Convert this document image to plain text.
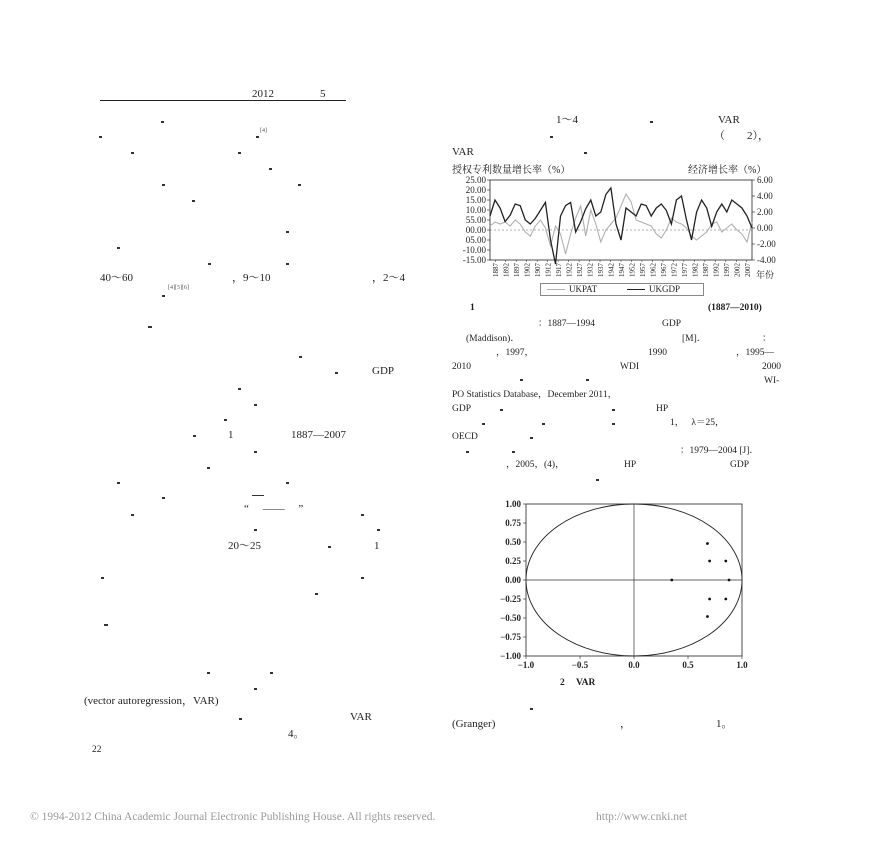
2012	5
[4]
40～60	，9～10	，2～4
[4][5][6]
GDP
1	1887—2007
“ 　—— 　”
20～25	1
(vector autoregression，VAR)
VAR
4。
22
1～4	VAR
（　　2），
VAR
授权专利数量增长率（%）	经济增长率（%）
年份
25.00
20.00
15.00
10.00
55.00
00.00
05.00
-10.00
-15.00
6.00
4.00
2.00
0.00
-2.00
-4.00
1887 1892 1897 1902 1907 1912 1917 1922 1927 1932 1937 1942 1947 1952 1957 1962 1967 1972 1977 1982 1987 1992 1997 2002 2007
UKPAT	UKGDP
1	(1887—2010)
：1887—1994	GDP
(Maddison)．	[M]．	：
，1997，	1990	，1995—
2010	WDI	2000
WI-
PO Statistics Database，December 2011，
GDP	HP
1，　 λ＝25，
OECD
：1979—2004 [J]．
，2005，(4)，	HP	GDP
1.00
0.75
0.50
0.25
0.00
−0.25
−0.50
−0.75
−1.00
−1.0	−0.5	0.0	0.5	1.0
2 VAR
(Granger)	，	1。
© 1994-2012 China Academic Journal Electronic Publishing House. All rights reserved.	http://www.cnki.net
